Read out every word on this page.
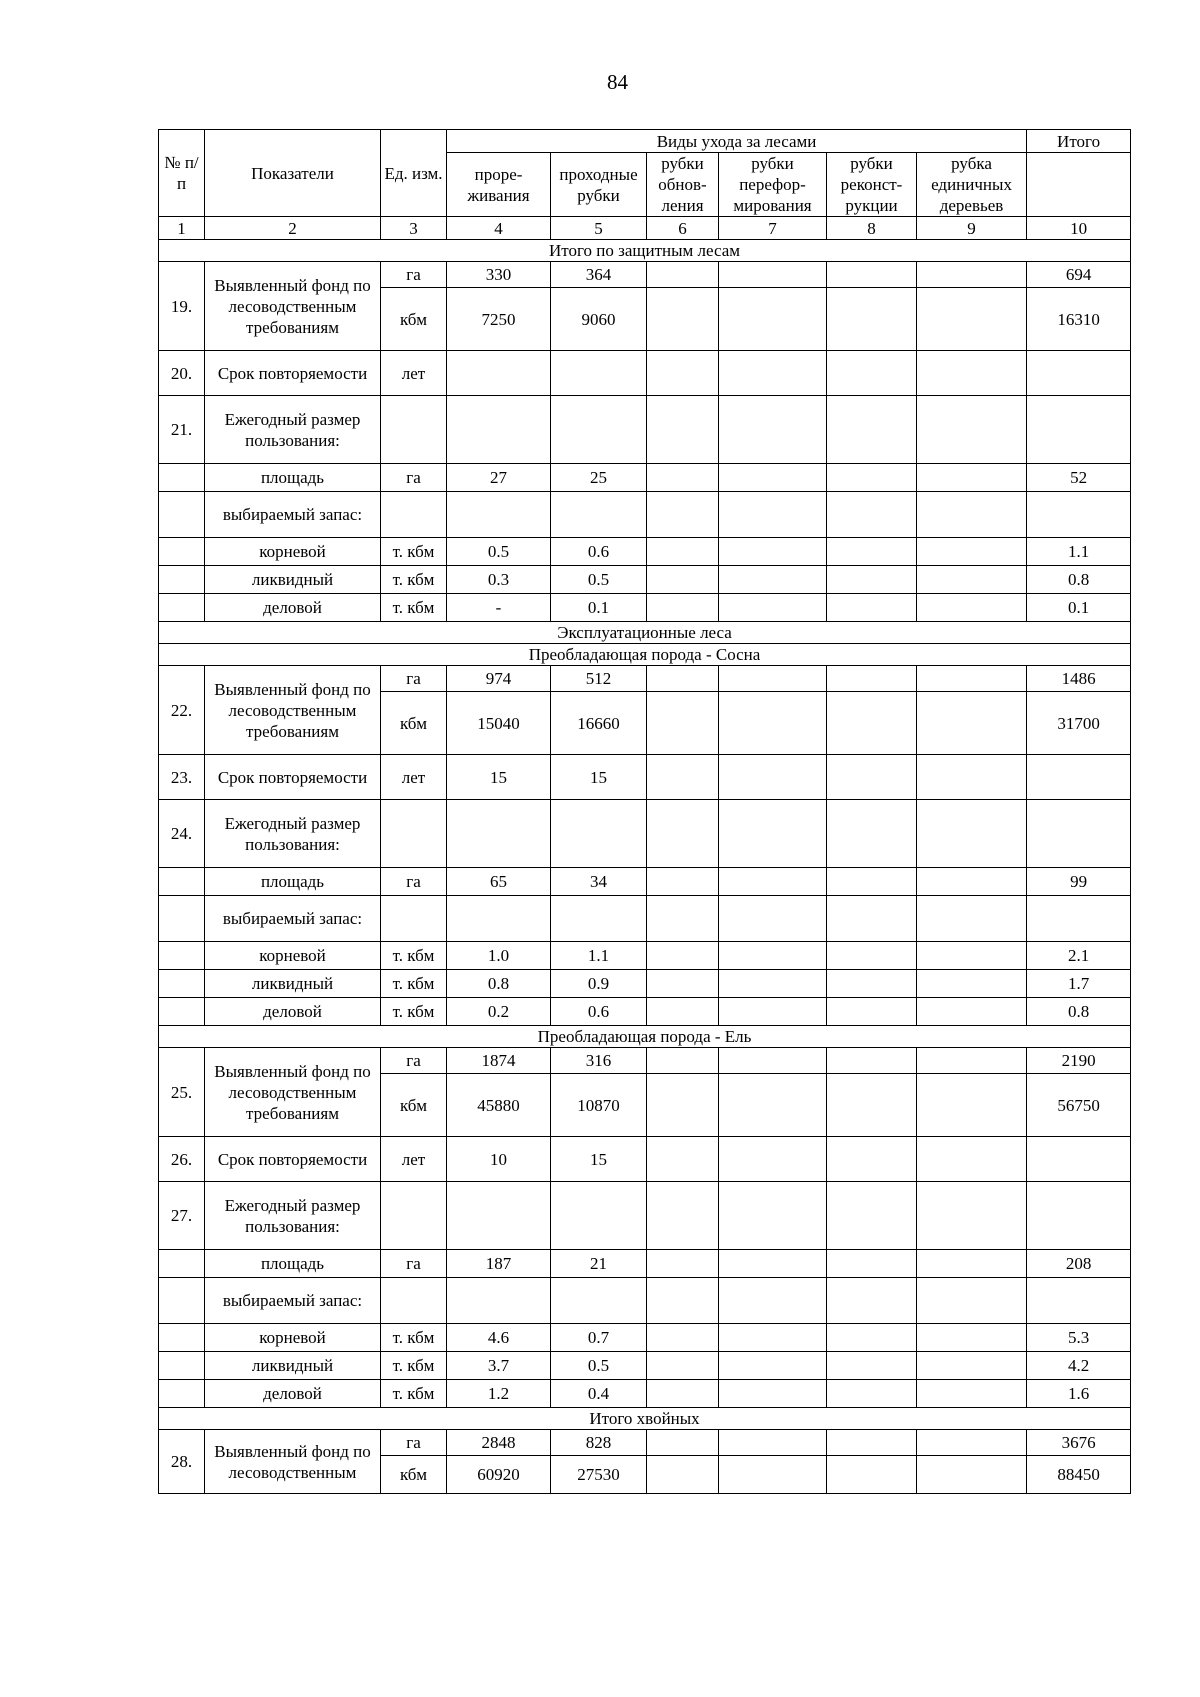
84
№ п/п	Показатели	Ед. изм.	Виды ухода за лесами						Итого
			проре-живания	проходные рубки	рубки обнов-ления	рубки перефор-мирования	рубки реконст-рукции	рубка единичных деревьев	

1	2	3	4	5	6	7	8	9	10
Итого по защитным лесам									
19.	Выявленный фонд по лесоводственным требованиям	га	330	364					694
		кбм	7250	9060					16310
20.	Срок повторяемости	лет							
21.	Ежегодный размер пользования:								
	площадь	га	27	25					52
	выбираемый запас:								
	корневой	т. кбм	0.5	0.6					1.1
	ликвидный	т. кбм	0.3	0.5					0.8
	деловой	т. кбм	-	0.1					0.1
Эксплуатационные леса									
Преобладающая порода - Сосна									
22.	Выявленный фонд по лесоводственным требованиям	га	974	512					1486
		кбм	15040	16660					31700
23.	Срок повторяемости	лет	15	15					
24.	Ежегодный размер пользования:								
	площадь	га	65	34					99
	выбираемый запас:								
	корневой	т. кбм	1.0	1.1					2.1
	ликвидный	т. кбм	0.8	0.9					1.7
	деловой	т. кбм	0.2	0.6					0.8
Преобладающая порода - Ель									
25.	Выявленный фонд по лесоводственным требованиям	га	1874	316					2190
		кбм	45880	10870					56750
26.	Срок повторяемости	лет	10	15					
27.	Ежегодный размер пользования:								
	площадь	га	187	21					208
	выбираемый запас:								
	корневой	т. кбм	4.6	0.7					5.3
	ликвидный	т. кбм	3.7	0.5					4.2
	деловой	т. кбм	1.2	0.4					1.6
Итого хвойных									
28.	Выявленный фонд по лесоводственным	га	2848	828					3676
		кбм	60920	27530					88450
